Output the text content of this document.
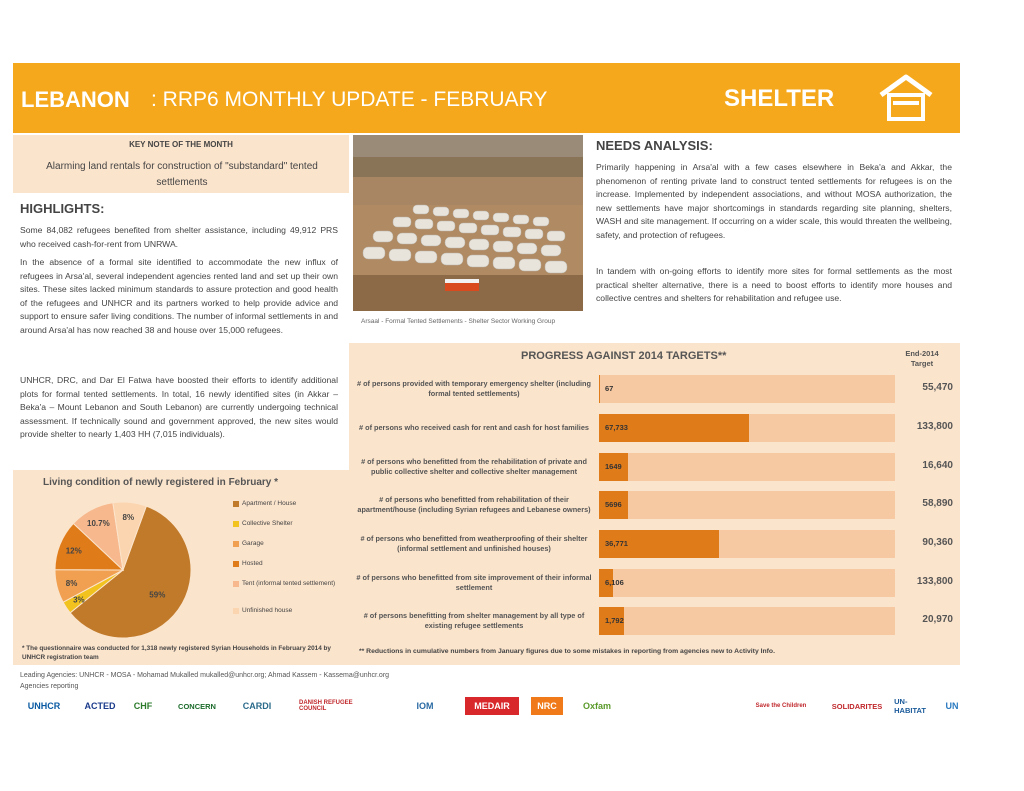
LEBANON : RRP6 MONTHLY UPDATE - FEBRUARY	SHELTER
KEY NOTE OF THE MONTH
Alarming land rentals for construction of "substandard" tented settlements
HIGHLIGHTS:
Some 84,082 refugees benefited from shelter assistance, including 49,912 PRS who received cash-for-rent from UNRWA.
In the absence of a formal site identified to accommodate the new influx of refugees in Arsa'al, several independent agencies rented land and set up their own sites. These sites lacked minimum standards to assure protection and good health of the refugees and UNHCR and its partners worked to help provide advice and support to ensure safer living conditions. The number of informal settlements in and around Arsa'al has now reached 38 and house over 15,000 refugees.
UNHCR, DRC, and Dar El Fatwa have boosted their efforts to identify additional plots for formal tented settlements. In total, 16 newly identified sites (in Akkar – Beka'a – Mount Lebanon and South Lebanon) are currently undergoing technical assessment. If technically sound and government approved, the new sites would provide shelter to nearly 1,403 HH (7,015 individuals).
Arsaal - Formal Tented Settlements - Shelter Sector Working Group
NEEDS ANALYSIS:
Primarily happening in Arsa'al with a few cases elsewhere in Beka'a and Akkar, the phenomenon of renting private land to construct tented settlements for refugees is on the increase. Implemented by independent associations, and without MOSA authorization, the new settlements have major shortcomings in standards regarding site planning, shelters, WASH and site management. If occurring on a wider scale, this would threaten the wellbeing, safety, and protection of refugees.
In tandem with on-going efforts to identify more sites for formal settlements as the most practical shelter alternative, there is a need to boost efforts to identify more houses and collective centres and shelters for rehabilitation and refugee use.
PROGRESS AGAINST 2014 TARGETS**	End-2014 Target
# of persons provided with temporary emergency shelter (including formal tented settlements)
67	55,470
# of persons who received cash for rent and cash for host families	67,733	133,800
# of persons who benefitted from the rehabilitation of private and public collective shelter and collective shelter management
1649	16,640
# of persons who benefitted from rehabilitation of their apartment/house (including Syrian refugees and Lebanese owners)
5696	58,890
# of persons who benefitted from weatherproofing of their shelter (informal settlement and unfinished houses)
36,771	90,360
# of persons who benefitted from site improvement of their informal settlement
6,106	133,800
# of persons benefitting from shelter management by all type of existing refugee settlements
1,792	20,970
** Reductions in cumulative numbers from January figures due to some mistakes in reporting from agencies new to Activity Info.
Living condition of newly registered in February *
59%
3%
8%
12%
10.7%
8%
Apartment / House
Collective Shelter
Garage
Hosted
Tent (informal tented settlement)
Unfinished house
* The questionnaire was conducted for 1,318 newly registered Syrian Households in February 2014 by UNHCR registration team
Leading Agencies: UNHCR - MOSA - Mohamad Mukalled mukalled@unhcr.org; Ahmad Kassem - Kassema@unhcr.org
Agencies reporting
UNHCR	ACTED	CHF	CONCERN	CARDI	DANISH REFUGEE COUNCIL	IOM	MEDAIR	NRC	Oxfam	Save the Children	SOLIDARITES UN-HABITAT	UN
